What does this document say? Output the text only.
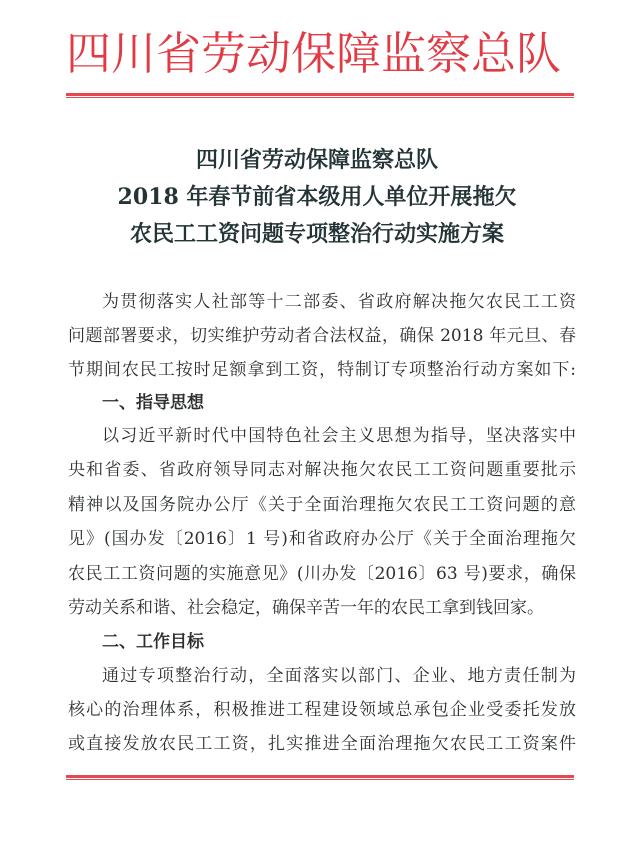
四川省劳动保障监察总队
四川省劳动保障监察总队
2018 年春节前省本级用人单位开展拖欠
农民工工资问题专项整治行动实施方案
为贯彻落实人社部等十二部委、省政府解决拖欠农民工工资
问题部署要求，切实维护劳动者合法权益，确保 2018 年元旦、春
节期间农民工按时足额拿到工资，特制订专项整治行动方案如下:
一、指导思想
以习近平新时代中国特色社会主义思想为指导，坚决落实中
央和省委、省政府领导同志对解决拖欠农民工工资问题重要批示
精神以及国务院办公厅《关于全面治理拖欠农民工工资问题的意
见》(国办发〔2016〕1 号)和省政府办公厅《关于全面治理拖欠
农民工工资问题的实施意见》(川办发〔2016〕63 号)要求，确保
劳动关系和谐、社会稳定，确保辛苦一年的农民工拿到钱回家。
二、工作目标
通过专项整治行动，全面落实以部门、企业、地方责任制为
核心的治理体系，积极推进工程建设领域总承包企业受委托发放
或直接发放农民工工资，扎实推进全面治理拖欠农民工工资案件
